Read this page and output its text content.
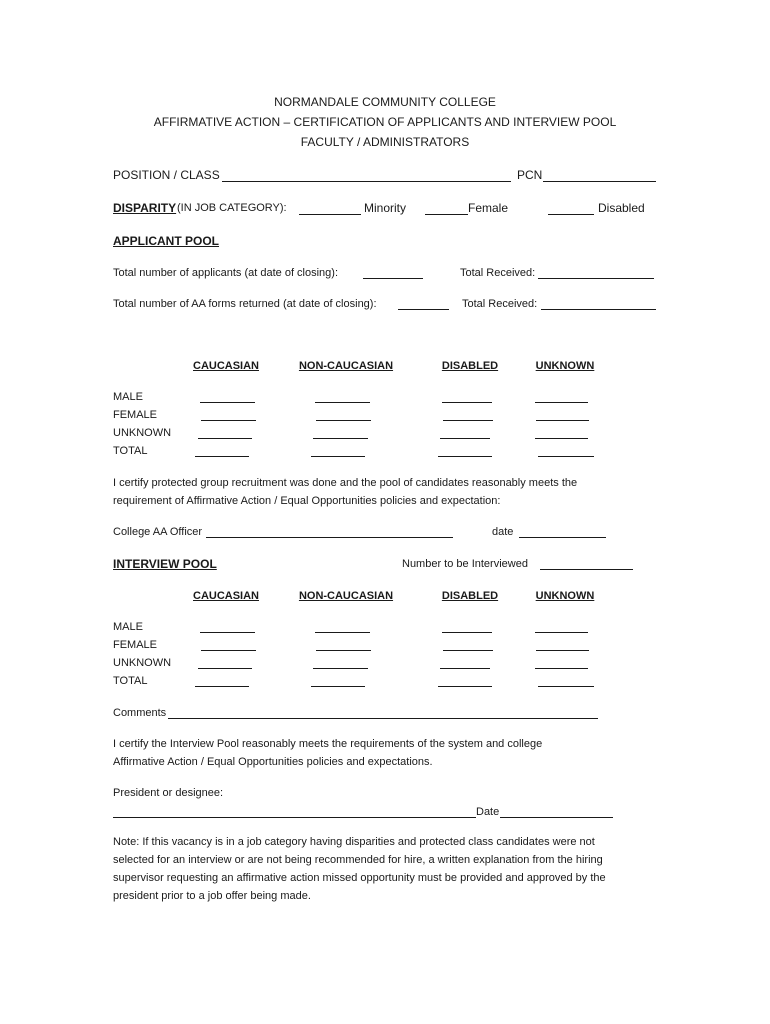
NORMANDALE COMMUNITY COLLEGE
AFFIRMATIVE ACTION – CERTIFICATION OF APPLICANTS AND INTERVIEW POOL
FACULTY / ADMINISTRATORS
POSITION / CLASS	PCN
DISPARITY (IN JOB CATEGORY):	Minority	Female	Disabled
APPLICANT POOL
Total number of applicants (at date of closing):	Total Received:
Total number of AA forms returned (at date of closing):	Total Received:
CAUCASIAN	NON-CAUCASIAN	DISABLED	UNKNOWN
MALE
FEMALE
UNKNOWN
TOTAL
I certify protected group recruitment was done and the pool of candidates reasonably meets the
requirement of Affirmative Action / Equal Opportunities policies and expectation:
College AA Officer	date
INTERVIEW POOL	Number to be Interviewed
CAUCASIAN	NON-CAUCASIAN	DISABLED	UNKNOWN
MALE
FEMALE
UNKNOWN
TOTAL
Comments
I certify the Interview Pool reasonably meets the requirements of the system and college
Affirmative Action / Equal Opportunities policies and expectations.
President or designee:
Date
Note: If this vacancy is in a job category having disparities and protected class candidates were not
selected for an interview or are not being recommended for hire, a written explanation from the hiring
supervisor requesting an affirmative action missed opportunity must be provided and approved by the
president prior to a job offer being made.
